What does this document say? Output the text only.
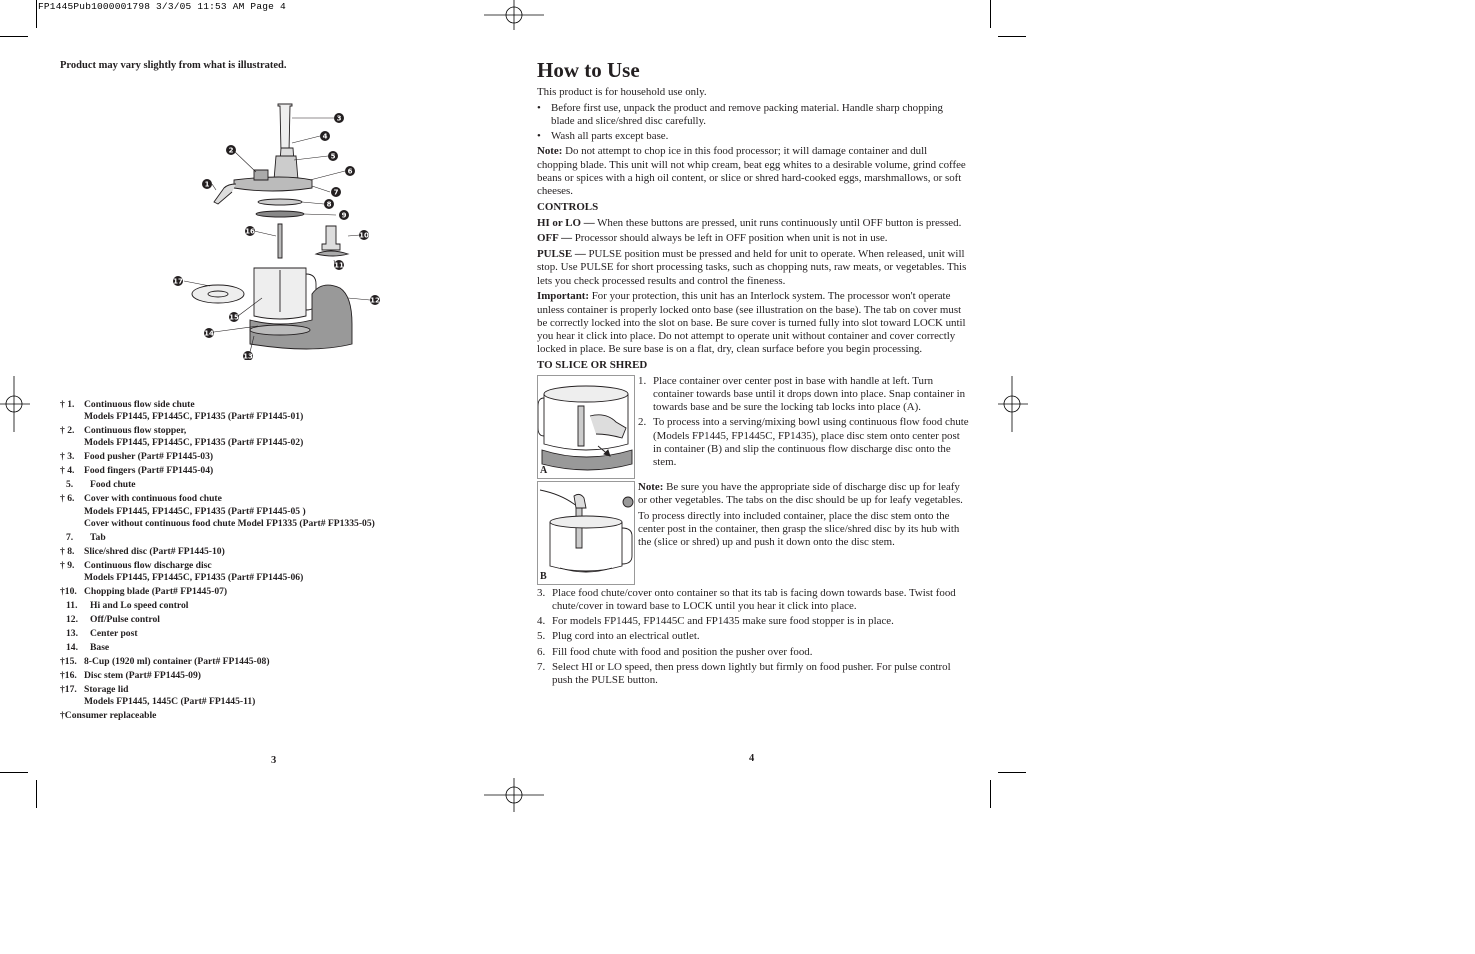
FP1445Pub1000001798 3/3/05 11:53 AM Page 4

Product may vary slightly from what is illustrated.

3
4
5
6
7
8
9
10
11
12
13
14
15
16
17
2
1
† 1.	Continuous flow side chute
Models FP1445, FP1445C, FP1435 (Part# FP1445-01)
† 2.	Continuous flow stopper,
Models FP1445, FP1445C, FP1435 (Part# FP1445-02)
† 3.	Food pusher (Part# FP1445-03)
† 4.	Food fingers (Part# FP1445-04)
5.	Food chute
† 6.	Cover with continuous food chute
Models FP1445, FP1445C, FP1435 (Part# FP1445-05 )
Cover without continuous food chute Model FP1335 (Part# FP1335-05)
7.	Tab
† 8.	Slice/shred disc (Part# FP1445-10)
† 9.	Continuous flow discharge disc
Models FP1445, FP1445C, FP1435 (Part# FP1445-06)
†10. Chopping blade (Part# FP1445-07)
11.	Hi and Lo speed control
12.	Off/Pulse control
13.	Center post
14.	Base
†15. 8-Cup (1920 ml) container (Part# FP1445-08)
†16. Disc stem (Part# FP1445-09)
†17. Storage lid
Models FP1445, 1445C (Part# FP1445-11)
†Consumer replaceable
3
How to Use

This product is for household use only.

• Before first use, unpack the product and remove packing material. Handle sharp chopping blade and slice/shred disc carefully.
• Wash all parts except base.

Note: Do not attempt to chop ice in this food processor; it will damage container and dull chopping blade. This unit will not whip cream, beat egg whites to a desirable volume, grind coffee beans or spices with a high oil content, or slice or shred hard-cooked eggs, marshmallows, or soft cheeses.

CONTROLS

HI or LO — When these buttons are pressed, unit runs continuously until OFF button is pressed.

OFF — Processor should always be left in OFF position when unit is not in use.

PULSE — PULSE position must be pressed and held for unit to operate. When released, unit will stop. Use PULSE for short processing tasks, such as chopping nuts, raw meats, or vegetables. This lets you check processed results and control the fineness.

Important: For your protection, this unit has an Interlock system. The processor won't operate unless container is properly locked onto base (see illustration on the base). The tab on cover must be correctly locked into the slot on base. Be sure cover is turned fully into slot toward LOCK until you hear it click into place. Do not attempt to operate unit without container and cover correctly locked in place. Be sure base is on a flat, dry, clean surface before you begin processing.

TO SLICE OR SHRED

A
1. Place container over center post in base with handle at left. Turn container towards base until it drops down into place. Snap container in towards base and be sure the locking tab locks into place (A).
2. To process into a serving/mixing bowl using continuous flow food chute (Models FP1445, FP1445C, FP1435), place disc stem onto center post in container (B) and slip the continuous flow discharge disc onto the stem.
B

Note: Be sure you have the appropriate side of discharge disc up for leafy or other vegetables. The tabs on the disc should be up for leafy vegetables.

To process directly into included container, place the disc stem onto the center post in the container, then grasp the slice/shred disc by its hub with the (slice or shred) up and push it down onto the disc stem.

3. Place food chute/cover onto container so that its tab is facing down towards base. Twist food chute/cover in toward base to LOCK until you hear it click into place.
4. For models FP1445, FP1445C and FP1435 make sure food stopper is in place.
5. Plug cord into an electrical outlet.
6. Fill food chute with food and position the pusher over food.
7. Select HI or LO speed, then press down lightly but firmly on food pusher. For pulse control push the PULSE button.
4
